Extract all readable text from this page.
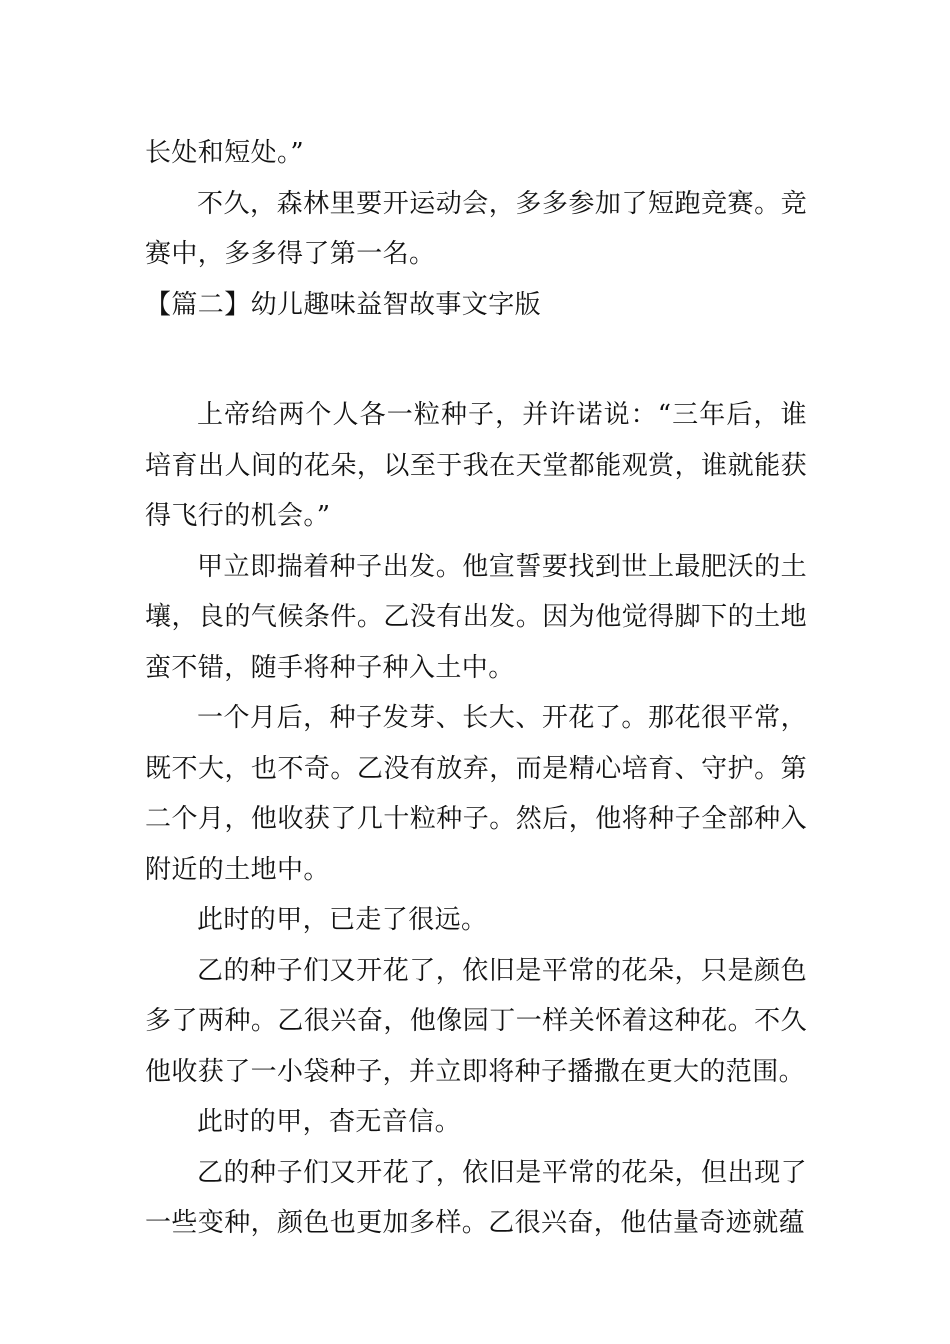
长处和短处。”

不久，森林里要开运动会，多多参加了短跑竞赛。竞赛中，多多得了第一名。

【篇二】幼儿趣味益智故事文字版

上帝给两个人各一粒种子，并许诺说：“三年后，谁培育出人间的花朵，以至于我在天堂都能观赏，谁就能获得飞行的机会。”

甲立即揣着种子出发。他宣誓要找到世上最肥沃的土壤，良的气候条件。乙没有出发。因为他觉得脚下的土地蛮不错，随手将种子种入土中。

一个月后，种子发芽、长大、开花了。那花很平常，既不大，也不奇。乙没有放弃，而是精心培育、守护。第二个月，他收获了几十粒种子。然后，他将种子全部种入附近的土地中。

此时的甲，已走了很远。

乙的种子们又开花了，依旧是平常的花朵，只是颜色多了两种。乙很兴奋，他像园丁一样关怀着这种花。不久他收获了一小袋种子，并立即将种子播撒在更大的范围。

此时的甲，杳无音信。

乙的种子们又开花了，依旧是平常的花朵，但出现了一些变种，颜色也更加多样。乙很兴奋，他估量奇迹就蕴
